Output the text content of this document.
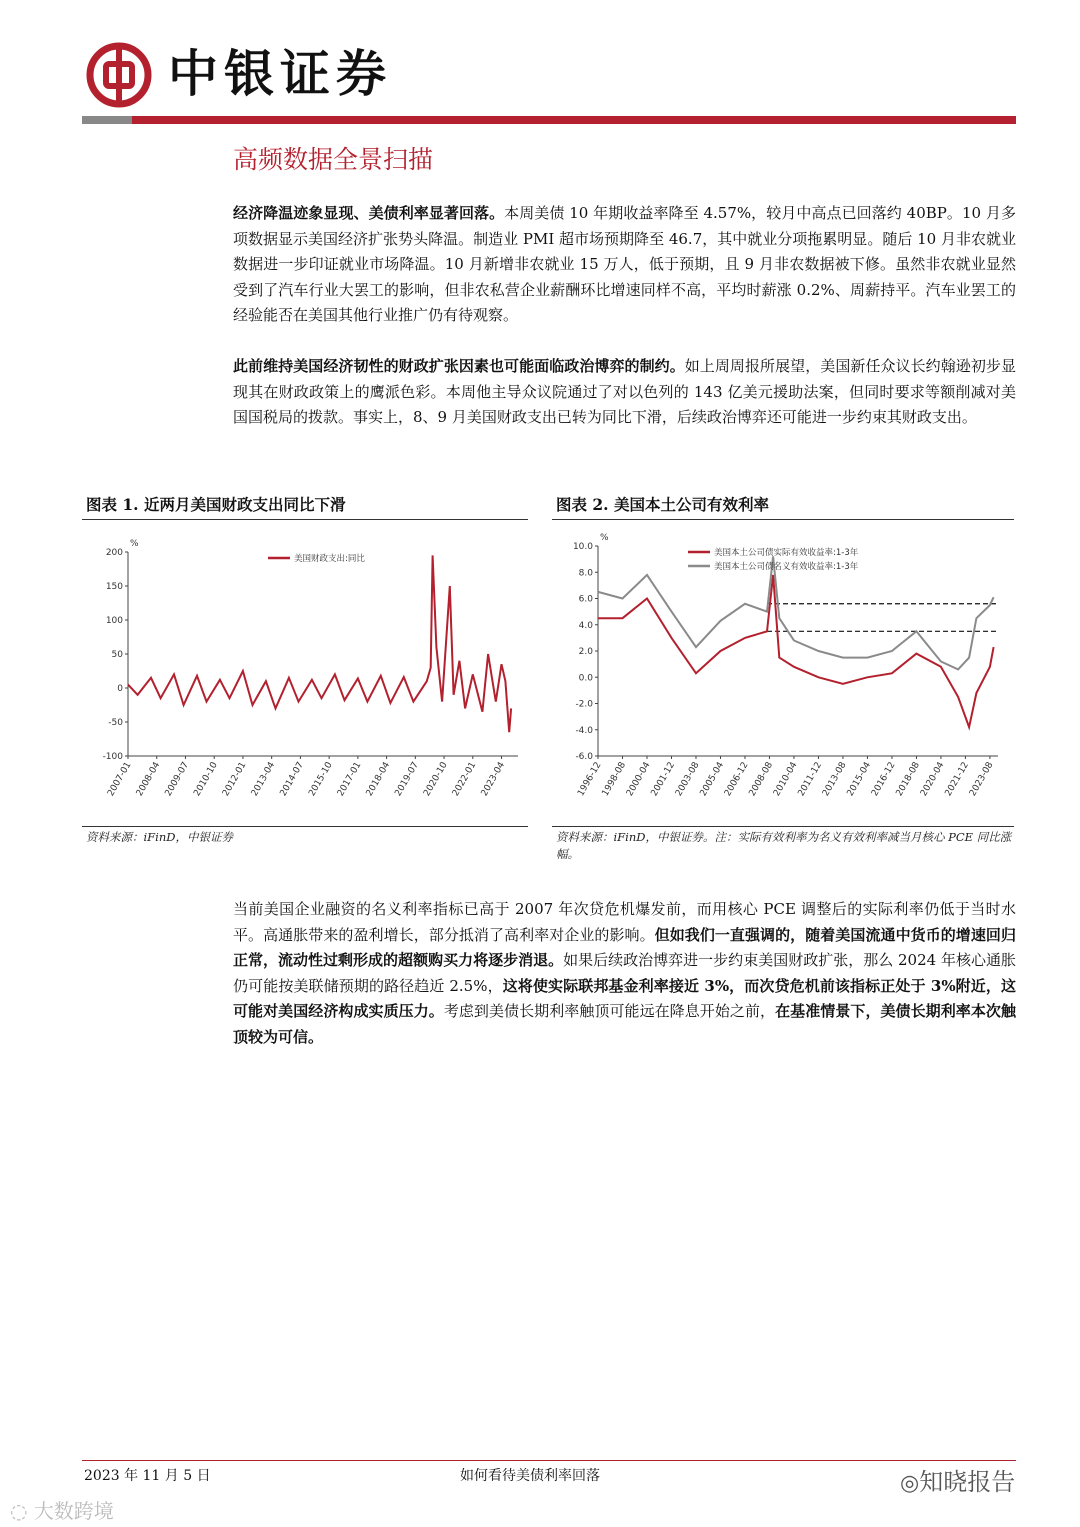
中银证券
高频数据全景扫描
经济降温迹象显现、美债利率显著回落。本周美债 10 年期收益率降至 4.57%，较月中高点已回落约 40BP。10 月多项数据显示美国经济扩张势头降温。制造业 PMI 超市场预期降至 46.7，其中就业分项拖累明显。随后 10 月非农就业数据进一步印证就业市场降温。10 月新增非农就业 15 万人，低于预期，且 9 月非农数据被下修。虽然非农就业显然受到了汽车行业大罢工的影响，但非农私营企业薪酬环比增速同样不高，平均时薪涨 0.2%、周薪持平。汽车业罢工的经验能否在美国其他行业推广仍有待观察。
此前维持美国经济韧性的财政扩张因素也可能面临政治博弈的制约。如上周周报所展望，美国新任众议长约翰逊初步显现其在财政政策上的鹰派色彩。本周他主导众议院通过了对以色列的 143 亿美元援助法案，但同时要求等额削减对美国国税局的拨款。事实上，8、9 月美国财政支出已转为同比下滑，后续政治博弈还可能进一步约束其财政支出。
图表 1. 近两月美国财政支出同比下滑
%
-100
-50
0
50
100
150
200
2007-01 2008-04 2009-07 2010-10 2012-01 2013-04 2014-07 2015-10 2017-01 2018-04 2019-07 2020-10 2022-01 2023-04
美国财政支出:同比
资料来源：iFinD，中银证券
图表 2. 美国本土公司有效利率
%
-6.0
-4.0
-2.0
0.0
2.0
4.0
6.0
8.0
10.0
1996-12
1998-08
2000-04
2001-12
2003-08
2005-04
2006-12
2008-08
2010-04
2011-12
2013-08
2015-04
2016-12
2018-08
2020-04
2021-12
2023-08
美国本土公司债实际有效收益率:1-3年
美国本土公司债名义有效收益率:1-3年
资料来源：iFinD，中银证券。注：实际有效利率为名义有效利率减当月核心 PCE 同比涨幅。
当前美国企业融资的名义利率指标已高于 2007 年次贷危机爆发前，而用核心 PCE 调整后的实际利率仍低于当时水平。高通胀带来的盈利增长，部分抵消了高利率对企业的影响。但如我们一直强调的，随着美国流通中货币的增速回归正常，流动性过剩形成的超额购买力将逐步消退。如果后续政治博弈进一步约束美国财政扩张，那么 2024 年核心通胀仍可能按美联储预期的路径趋近 2.5%，这将使实际联邦基金利率接近 3%，而次贷危机前该指标正处于 3%附近，这可能对美国经济构成实质压力。考虑到美债长期利率触顶可能远在降息开始之前，在基准情景下，美债长期利率本次触顶较为可信。
2023 年 11 月 5 日	如何看待美债利率回落	◎知晓报告
◌ 大数跨境
